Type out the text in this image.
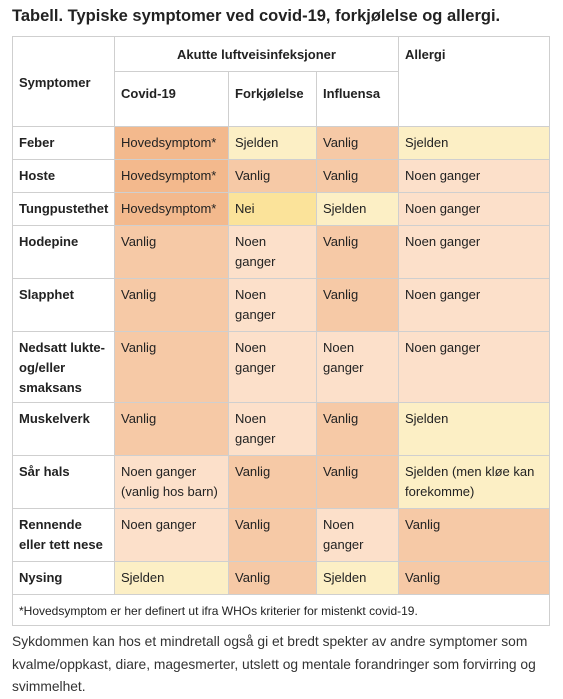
Tabell. Typiske symptomer ved covid-19, forkjølelse og allergi.
Symptomer	Akutte luftveisinfeksjoner			Allergi
	Covid-19	Forkjølelse	Influensa	
Feber	Hovedsymptom*	Sjelden	Vanlig	Sjelden
Hoste	Hovedsymptom*	Vanlig	Vanlig	Noen ganger
Tungpustethet	Hovedsymptom*	Nei	Sjelden	Noen ganger
Hodepine	Vanlig	Noen ganger	Vanlig	Noen ganger
Slapphet	Vanlig	Noen ganger	Vanlig	Noen ganger
Nedsatt lukte- og/eller smaksans	Vanlig	Noen ganger	Noen ganger	Noen ganger
Muskelverk	Vanlig	Noen ganger	Vanlig	Sjelden
Sår hals	Noen ganger (vanlig hos barn)	Vanlig	Vanlig	Sjelden (men kløe kan forekomme)
Rennende eller tett nese	Noen ganger	Vanlig	Noen ganger	Vanlig
Nysing	Sjelden	Vanlig	Sjelden	Vanlig
*Hovedsymptom er her definert ut ifra WHOs kriterier for mistenkt covid-19.				
Sykdommen kan hos et mindretall også gi et bredt spekter av andre symptomer som kvalme/oppkast, diare, magesmerter, utslett og mentale forandringer som forvirring og svimmelhet.
